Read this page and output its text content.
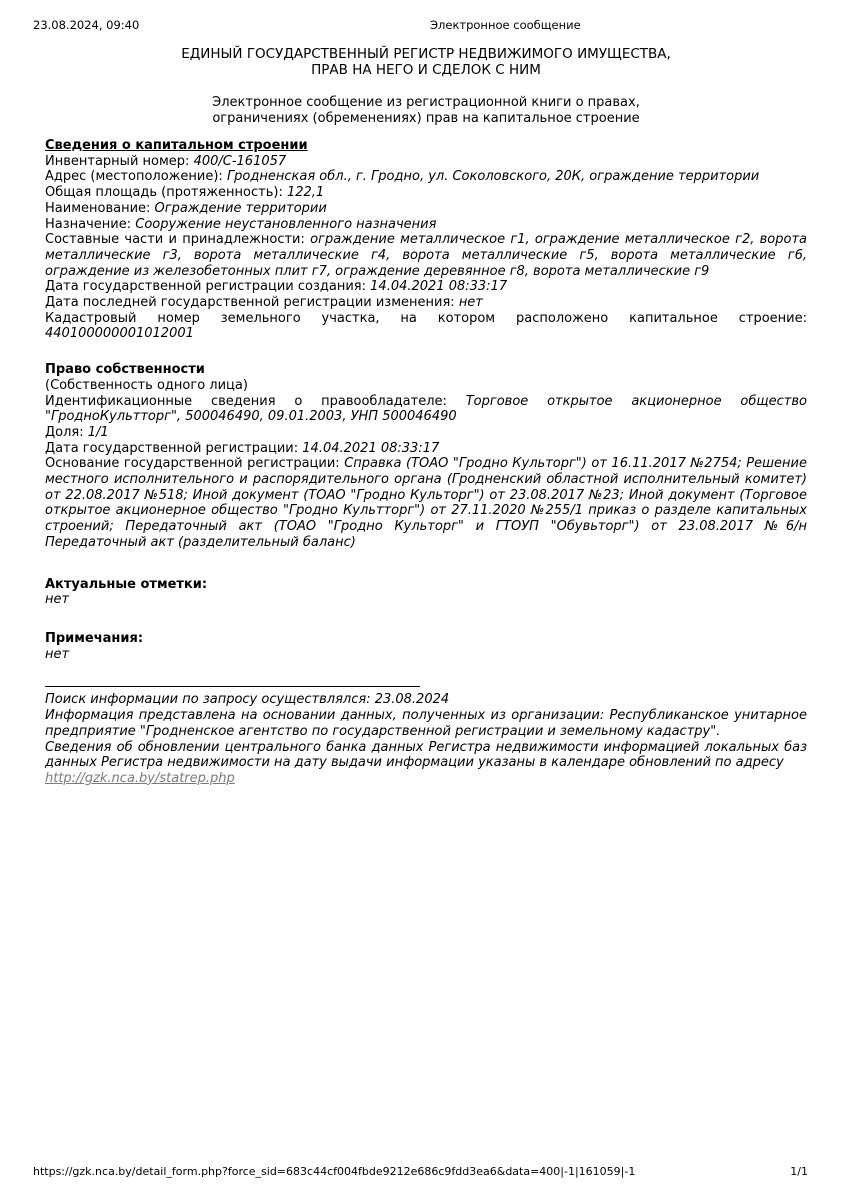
23.08.2024, 09:40	Электронное сообщение
ЕДИНЫЙ ГОСУДАРСТВЕННЫЙ РЕГИСТР НЕДВИЖИМОГО ИМУЩЕСТВА,
ПРАВ НА НЕГО И СДЕЛОК С НИМ
Электронное сообщение из регистрационной книги о правах,
ограничениях (обременениях) прав на капитальное строение

Сведения о капитальном строении

Инвентарный номер: 400/С-161057

Адрес (местоположение): Гродненская обл., г. Гродно, ул. Соколовского, 20К, ограждение территории

Общая площадь (протяженность): 122,1

Наименование: Ограждение территории

Назначение: Сооружение неустановленного назначения

Составные части и принадлежности: ограждение металлическое г1, ограждение металлическое г2, ворота металлические г3, ворота металлические г4, ворота металлические г5, ворота металлические г6, ограждение из железобетонных плит г7, ограждение деревянное г8, ворота металлические г9

Дата государственной регистрации создания: 14.04.2021 08:33:17

Дата последней государственной регистрации изменения: нет

Кадастровый номер земельного участка, на котором расположено капитальное строение: 440100000001012001

Право собственности

(Собственность одного лица)

Идентификационные сведения о правообладателе: Торговое открытое акционерное общество "ГродноКультторг", 500046490, 09.01.2003, УНП 500046490

Доля: 1/1

Дата государственной регистрации: 14.04.2021 08:33:17

Основание государственной регистрации: Справка (ТОАО "Гродно Культорг") от 16.11.2017 №2754; Решение местного исполнительного и распорядительного органа (Гродненский областной исполнительный комитет) от 22.08.2017 №518; Иной документ (ТОАО "Гродно Культорг") от 23.08.2017 №23; Иной документ (Торговое открытое акционерное общество "Гродно Культторг") от 27.11.2020 №255/1 приказ о разделе капитальных строений; Передаточный акт (ТОАО "Гродно Культорг" и ГТОУП "Обувьторг") от 23.08.2017 №6/н Передаточный акт (разделительный баланс)

Актуальные отметки:

нет

Примечания:

нет

Поиск информации по запросу осуществлялся: 23.08.2024

Информация представлена на основании данных, полученных из организации: Республиканское унитарное предприятие "Гродненское агентство по государственной регистрации и земельному кадастру".

Сведения об обновлении центрального банка данных Регистра недвижимости информацией локальных баз данных Регистра недвижимости на дату выдачи информации указаны в календаре обновлений по адресу

http://gzk.nca.by/statrep.php
https://gzk.nca.by/detail_form.php?force_sid=683c44cf004fbde9212e686c9fdd3ea6&data=400|-1|161059|-1	1/1
